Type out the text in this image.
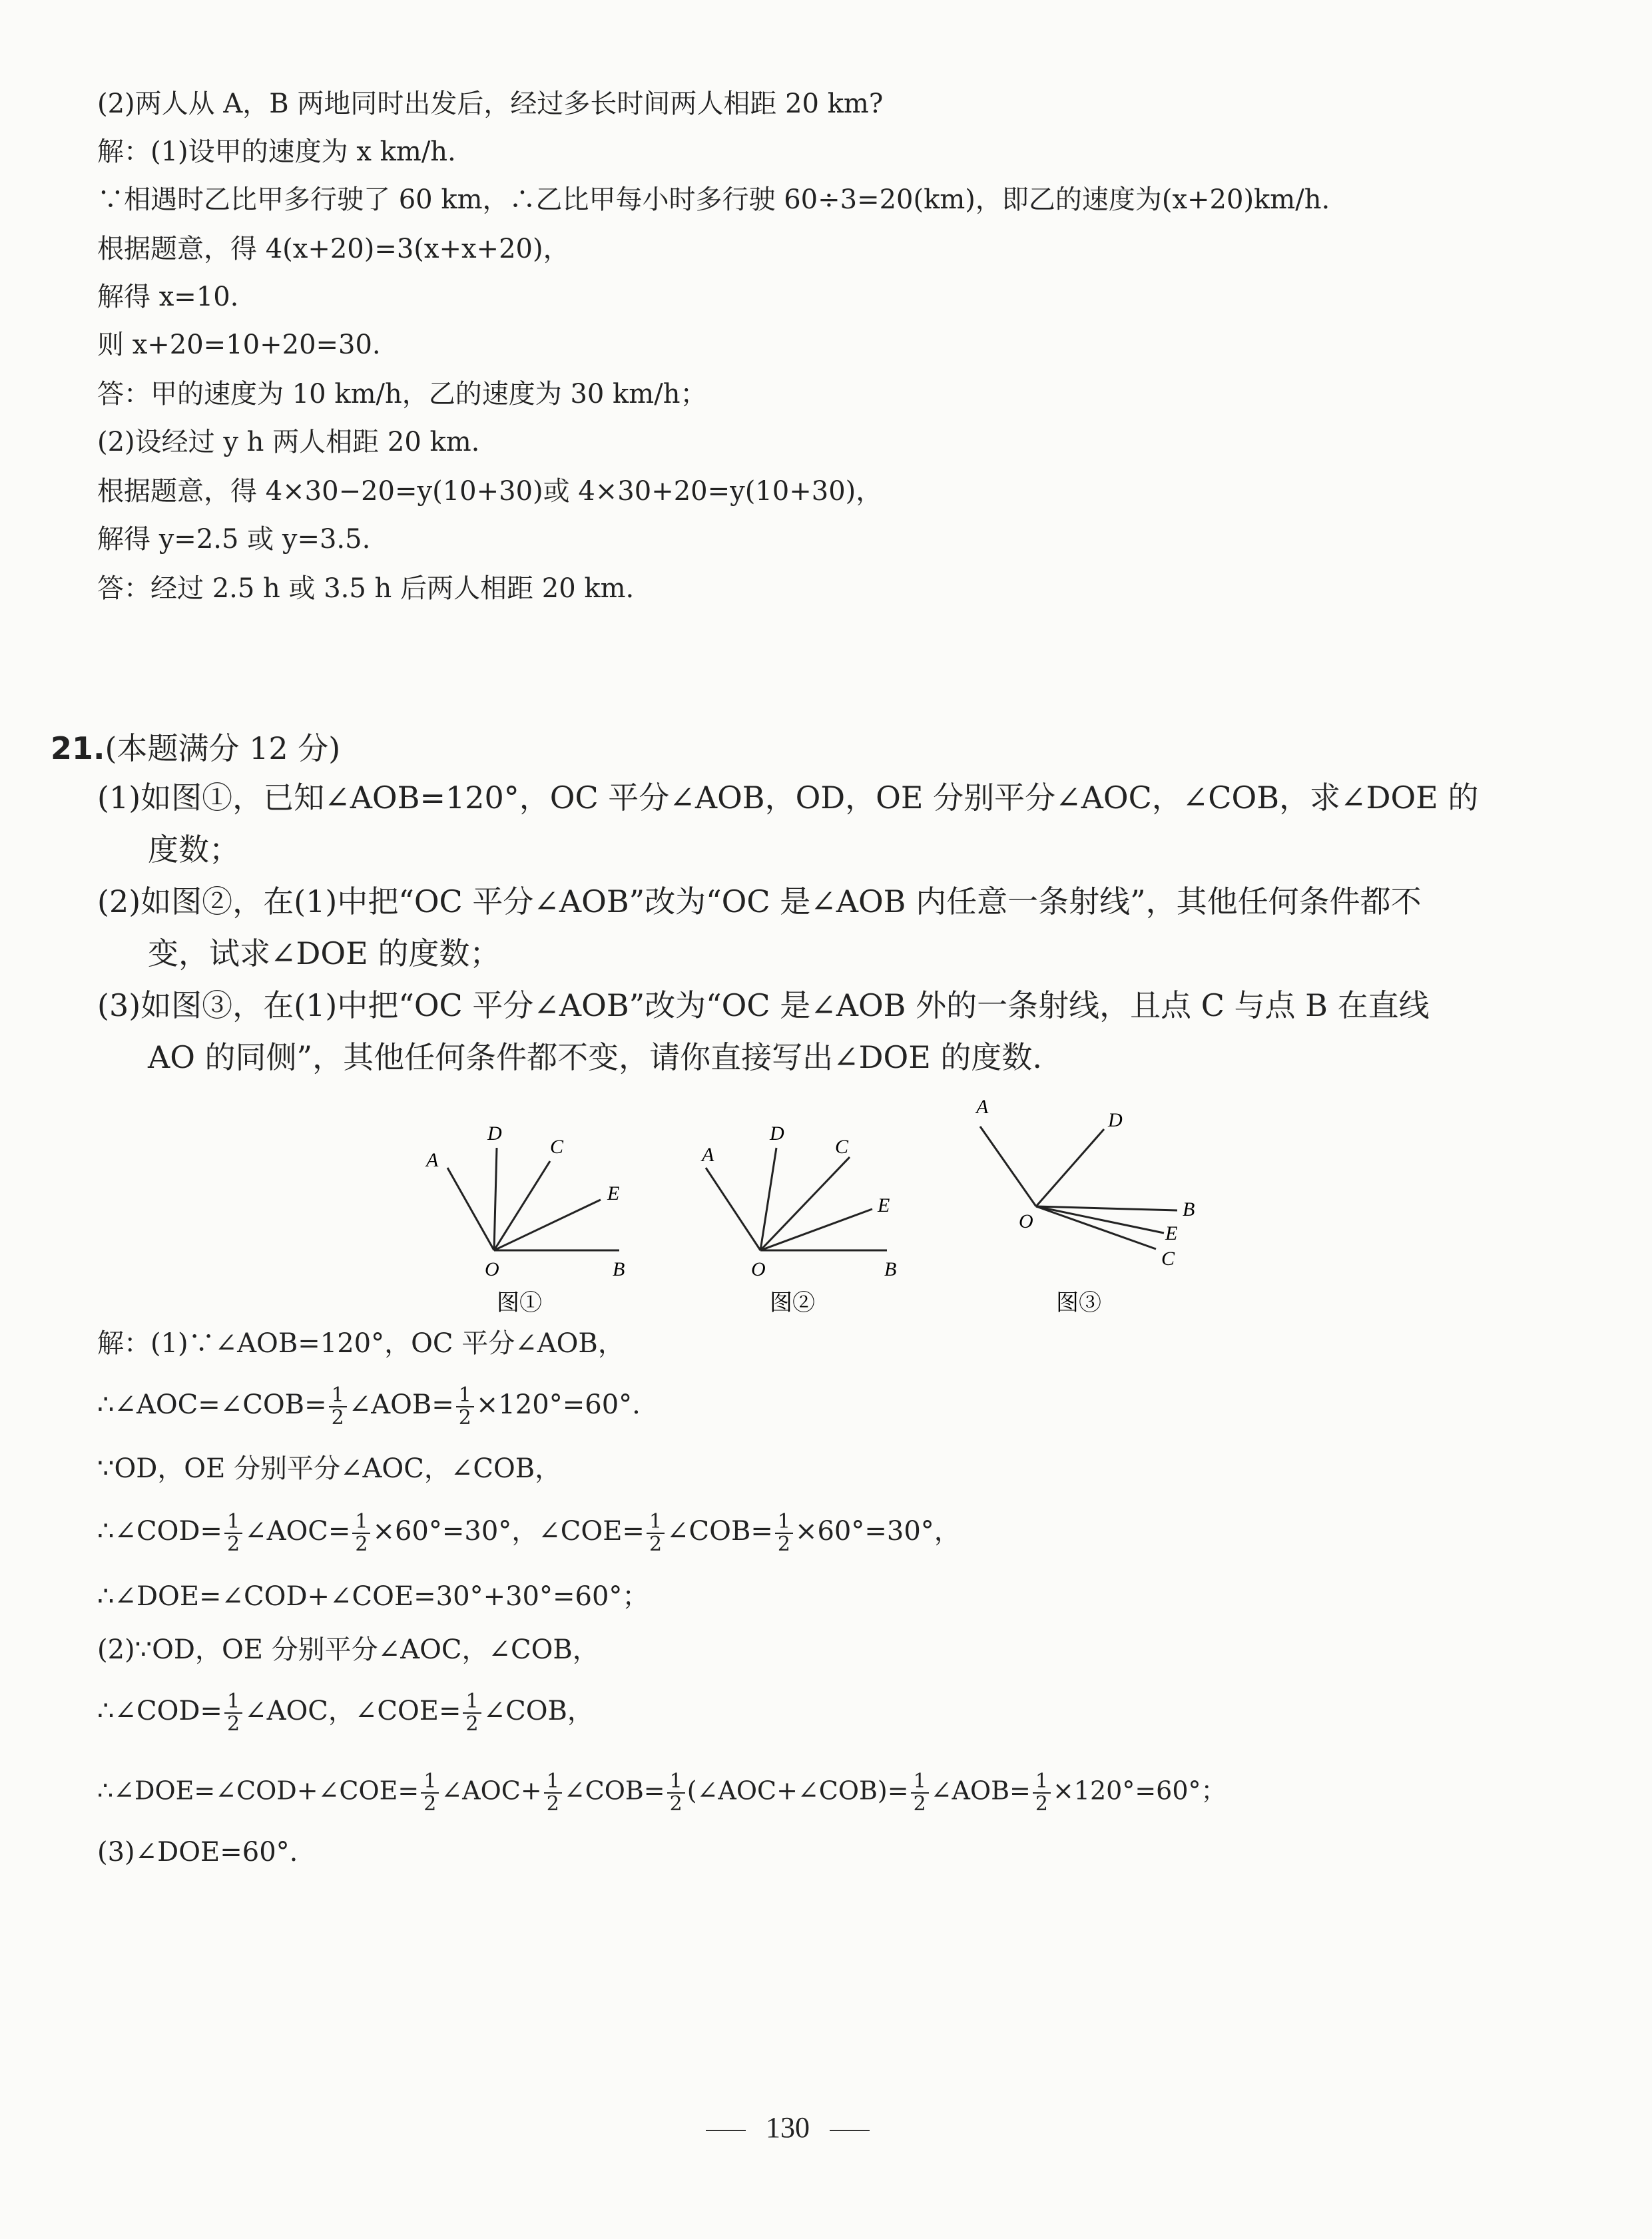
(2)两人从 A，B 两地同时出发后，经过多长时间两人相距 20 km?
解：(1)设甲的速度为 x km/h.
∵相遇时乙比甲多行驶了 60 km，∴乙比甲每小时多行驶 60÷3=20(km)，即乙的速度为(x+20)km/h.
根据题意，得 4(x+20)=3(x+x+20)，
解得 x=10.
则 x+20=10+20=30.
答：甲的速度为 10 km/h，乙的速度为 30 km/h；
(2)设经过 y h 两人相距 20 km.
根据题意，得 4×30−20=y(10+30)或 4×30+20=y(10+30)，
解得 y=2.5 或 y=3.5.
答：经过 2.5 h 或 3.5 h 后两人相距 20 km.
21.(本题满分 12 分)
(1)如图①，已知∠AOB=120°，OC 平分∠AOB，OD，OE 分别平分∠AOC，∠COB，求∠DOE 的
度数；
(2)如图②，在(1)中把“OC 平分∠AOB”改为“OC 是∠AOB 内任意一条射线”，其他任何条件都不
变，试求∠DOE 的度数；
(3)如图③，在(1)中把“OC 平分∠AOB”改为“OC 是∠AOB 外的一条射线，且点 C 与点 B 在直线
AO 的同侧”，其他任何条件都不变，请你直接写出∠DOE 的度数.
A
D
C
E
O	B
图①
A
D
C
E
O	B
图②
A
D
B
E
C
O
图③
解：(1)∵∠AOB=120°，OC 平分∠AOB，
∴∠AOC=∠COB= $\frac{1}{2}$ ∠AOB= $\frac{1}{2} \times 120^\circ=60^\circ$.
∵OD，OE 分别平分∠AOC，∠COB，
∴∠COD= $\frac{1}{2}$ ∠AOC= $\frac{1}{2} \times 60^\circ=30^\circ$，∠COE= $\frac{1}{2}$ ∠COB= $\frac{1}{2} \times 60^\circ=30^\circ$，
∴∠DOE=∠COD+∠COE=30°+30°=60°；
(2)∵OD，OE 分别平分∠AOC，∠COB，
∴∠COD= $\frac{1}{2}$ ∠AOC，∠COE= $\frac{1}{2}$ ∠COB，
∴∠DOE=∠COD+∠COE= $\frac{1}{2}$ ∠AOC+ $\frac{1}{2}$ ∠COB= $\frac{1}{2}$ (∠AOC+∠COB)= $\frac{1}{2}$ ∠AOB= $\frac{1}{2} \times 120^\circ=60^\circ$；
(3)∠DOE=60°.
130
